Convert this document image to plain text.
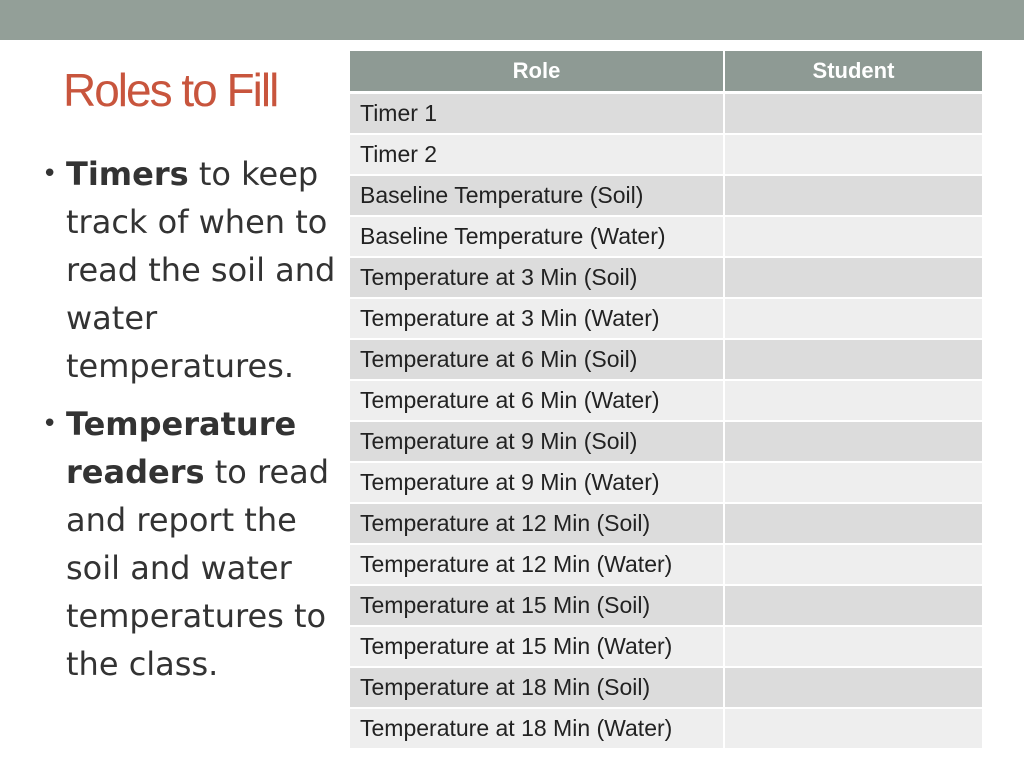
Roles to Fill
• Timers to keep track of when to read the soil and water temperatures.
• Temperature readers to read and report the soil and water temperatures to the class.
Role	Student
Timer 1	
Timer 2	
Baseline Temperature (Soil)	
Baseline Temperature (Water)	
Temperature at 3 Min (Soil)	
Temperature at 3 Min (Water)	
Temperature at 6 Min (Soil)	
Temperature at 6 Min (Water)	
Temperature at 9 Min (Soil)	
Temperature at 9 Min (Water)	
Temperature at 12 Min (Soil)	
Temperature at 12 Min (Water)	
Temperature at 15 Min (Soil)	
Temperature at 15 Min (Water)	
Temperature at 18 Min (Soil)	
Temperature at 18 Min (Water)	
